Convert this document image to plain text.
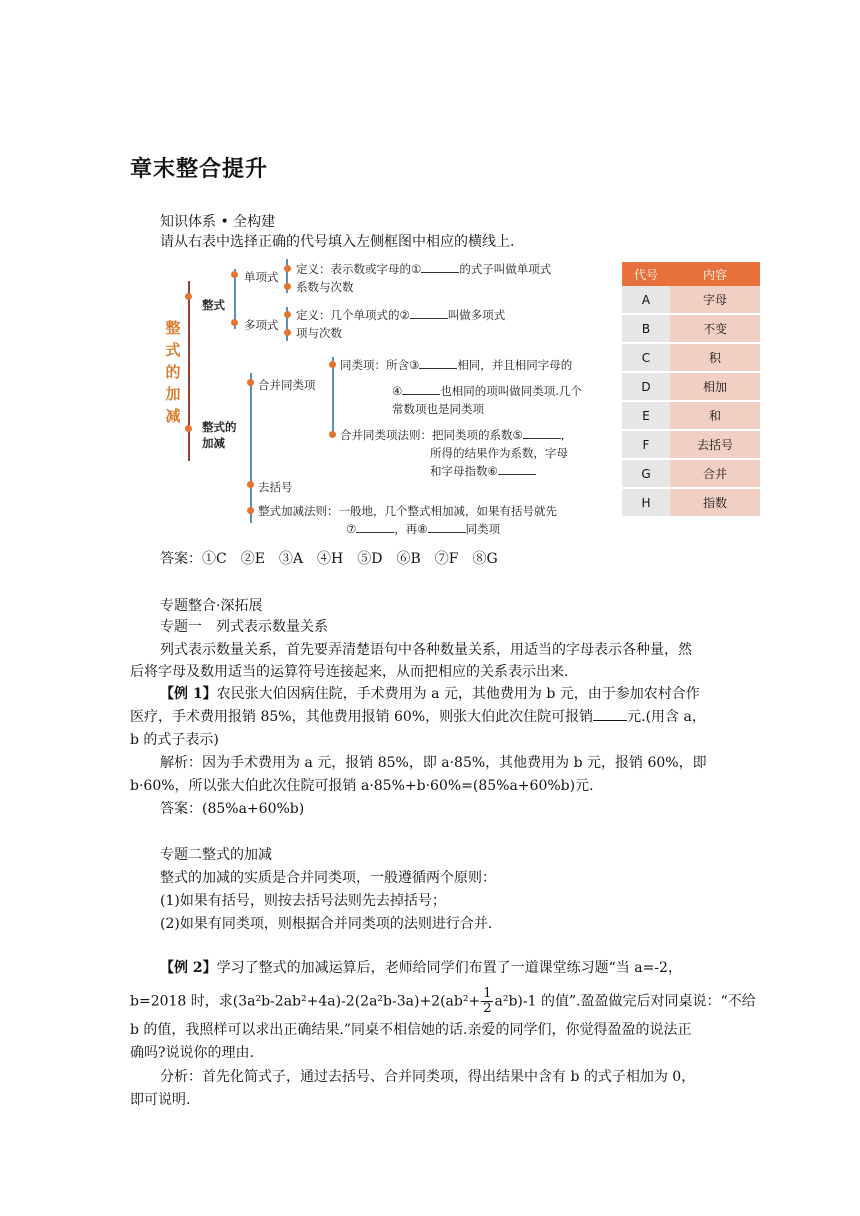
章末整合提升
知识体系 • 全构建
请从右表中选择正确的代号填入左侧框图中相应的横线上.
整
式
的
加
减
整式
单项式
多项式
定义：表示数或字母的①	的式子叫做单项式
系数与次数
定义：几个单项式的②	叫做多项式
项与次数
整式的
加减
合并同类项
同类项：所含③	相同，并且相同字母的
④	也相同的项叫做同类项.几个
常数项也是同类项
合并同类项法则：把同类项的系数⑤	,
所得的结果作为系数，字母
和字母指数⑥
去括号
整式加减法则：一般地，几个整式相加减，如果有括号就先
⑦	，再⑧	同类项
代号	内容
A	字母
B	不变
C	积
D	相加
E	和
F	去括号
G	合并
H	指数
答案：①C　②E　③A　④H　⑤D　⑥B　⑦F　⑧G
专题整合·深拓展
专题一　列式表示数量关系
列式表示数量关系，首先要弄清楚语句中各种数量关系，用适当的字母表示各种量，然
后将字母及数用适当的运算符号连接起来，从而把相应的关系表示出来.
【例 1】农民张大伯因病住院，手术费用为 a 元，其他费用为 b 元，由于参加农村合作
医疗，手术费用报销 85%，其他费用报销 60%，则张大伯此次住院可报销 元.(用含 a，
b 的式子表示)
解析：因为手术费用为 a 元，报销 85%，即 a·85%，其他费用为 b 元，报销 60%，即
b·60%，所以张大伯此次住院可报销 a·85%+b·60%=(85%a+60%b)元.
答案：(85%a+60%b)
专题二整式的加减
整式的加减的实质是合并同类项，一般遵循两个原则：
(1)如果有括号，则按去括号法则先去掉括号；
(2)如果有同类项，则根据合并同类项的法则进行合并.
【例 2】学习了整式的加减运算后，老师给同学们布置了一道课堂练习题“当 a=-2，
b=2018 时，求$(3a^2b-2ab^2+4a)-2(2a^2b-3a)+2(ab^2+ \frac{1}{2} a^2b)-1$ 的值”.盈盈做完后对同桌说：“不给
b 的值，我照样可以求出正确结果.”同桌不相信她的话.亲爱的同学们，你觉得盈盈的说法正
确吗?说说你的理由.
分析：首先化简式子，通过去括号、合并同类项，得出结果中含有 b 的式子相加为 0，
即可说明.
